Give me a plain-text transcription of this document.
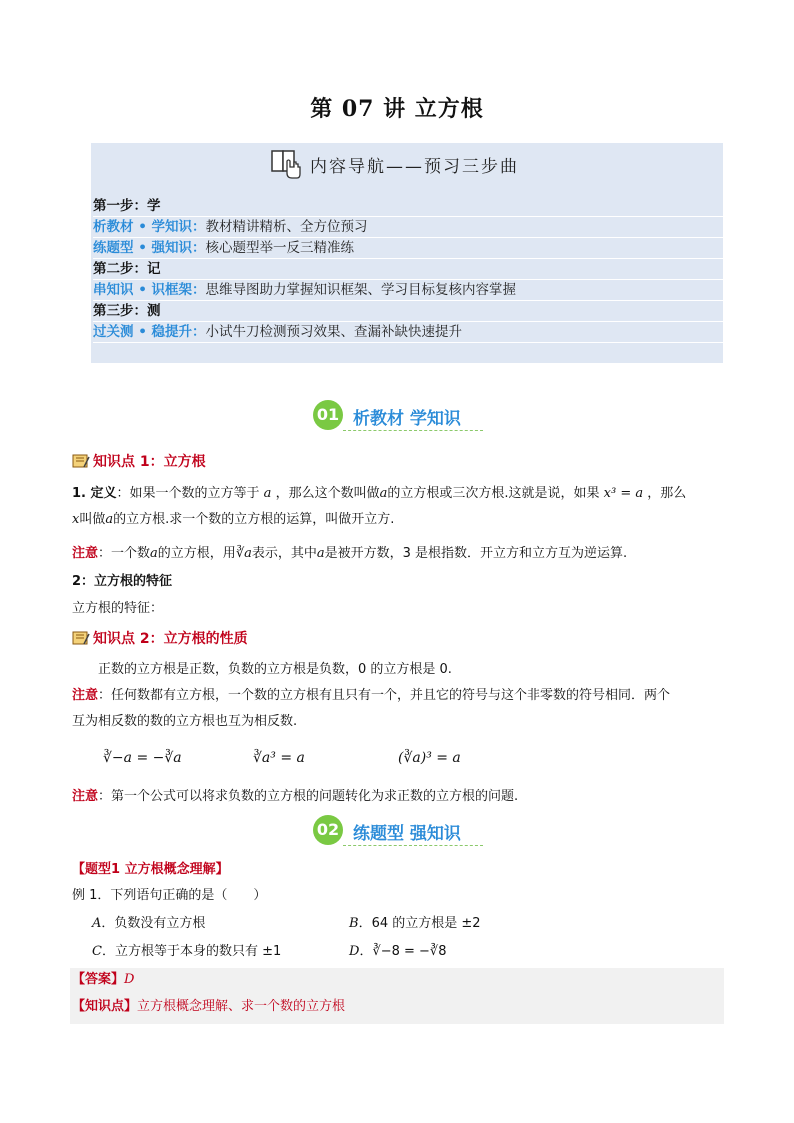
第 07 讲 立方根
内容导航——预习三步曲
第一步：学
析教材 • 学知识：教材精讲精析、全方位预习
练题型 • 强知识：核心题型举一反三精准练
第二步：记
串知识 • 识框架：思维导图助力掌握知识框架、学习目标复核内容掌握
第三步：测
过关测 • 稳提升：小试牛刀检测预习效果、查漏补缺快速提升
01 析教材 学知识
知识点 1：立方根
1. 定义：如果一个数的立方等于 a ，那么这个数叫做a的立方根或三次方根.这就是说，如果 x³ = a ，那么
x叫做a的立方根.求一个数的立方根的运算，叫做开立方.
注意：一个数a的立方根，用∛a表示，其中a是被开方数，3 是根指数．开立方和立方互为逆运算.
2：立方根的特征
立方根的特征：
知识点 2：立方根的性质
正数的立方根是正数，负数的立方根是负数，0 的立方根是 0.
注意：任何数都有立方根，一个数的立方根有且只有一个，并且它的符号与这个非零数的符号相同．两个
互为相反数的数的立方根也互为相反数.
∛−a = −∛a	∛a³ = a	(∛a)³ = a
注意：第一个公式可以将求负数的立方根的问题转化为求正数的立方根的问题.
02 练题型 强知识
【题型1 立方根概念理解】
例 1．下列语句正确的是（　　）
A．负数没有立方根	B．64 的立方根是 ±2
C．立方根等于本身的数只有 ±1	D．∛−8 = −∛8
【答案】D
【知识点】立方根概念理解、求一个数的立方根
